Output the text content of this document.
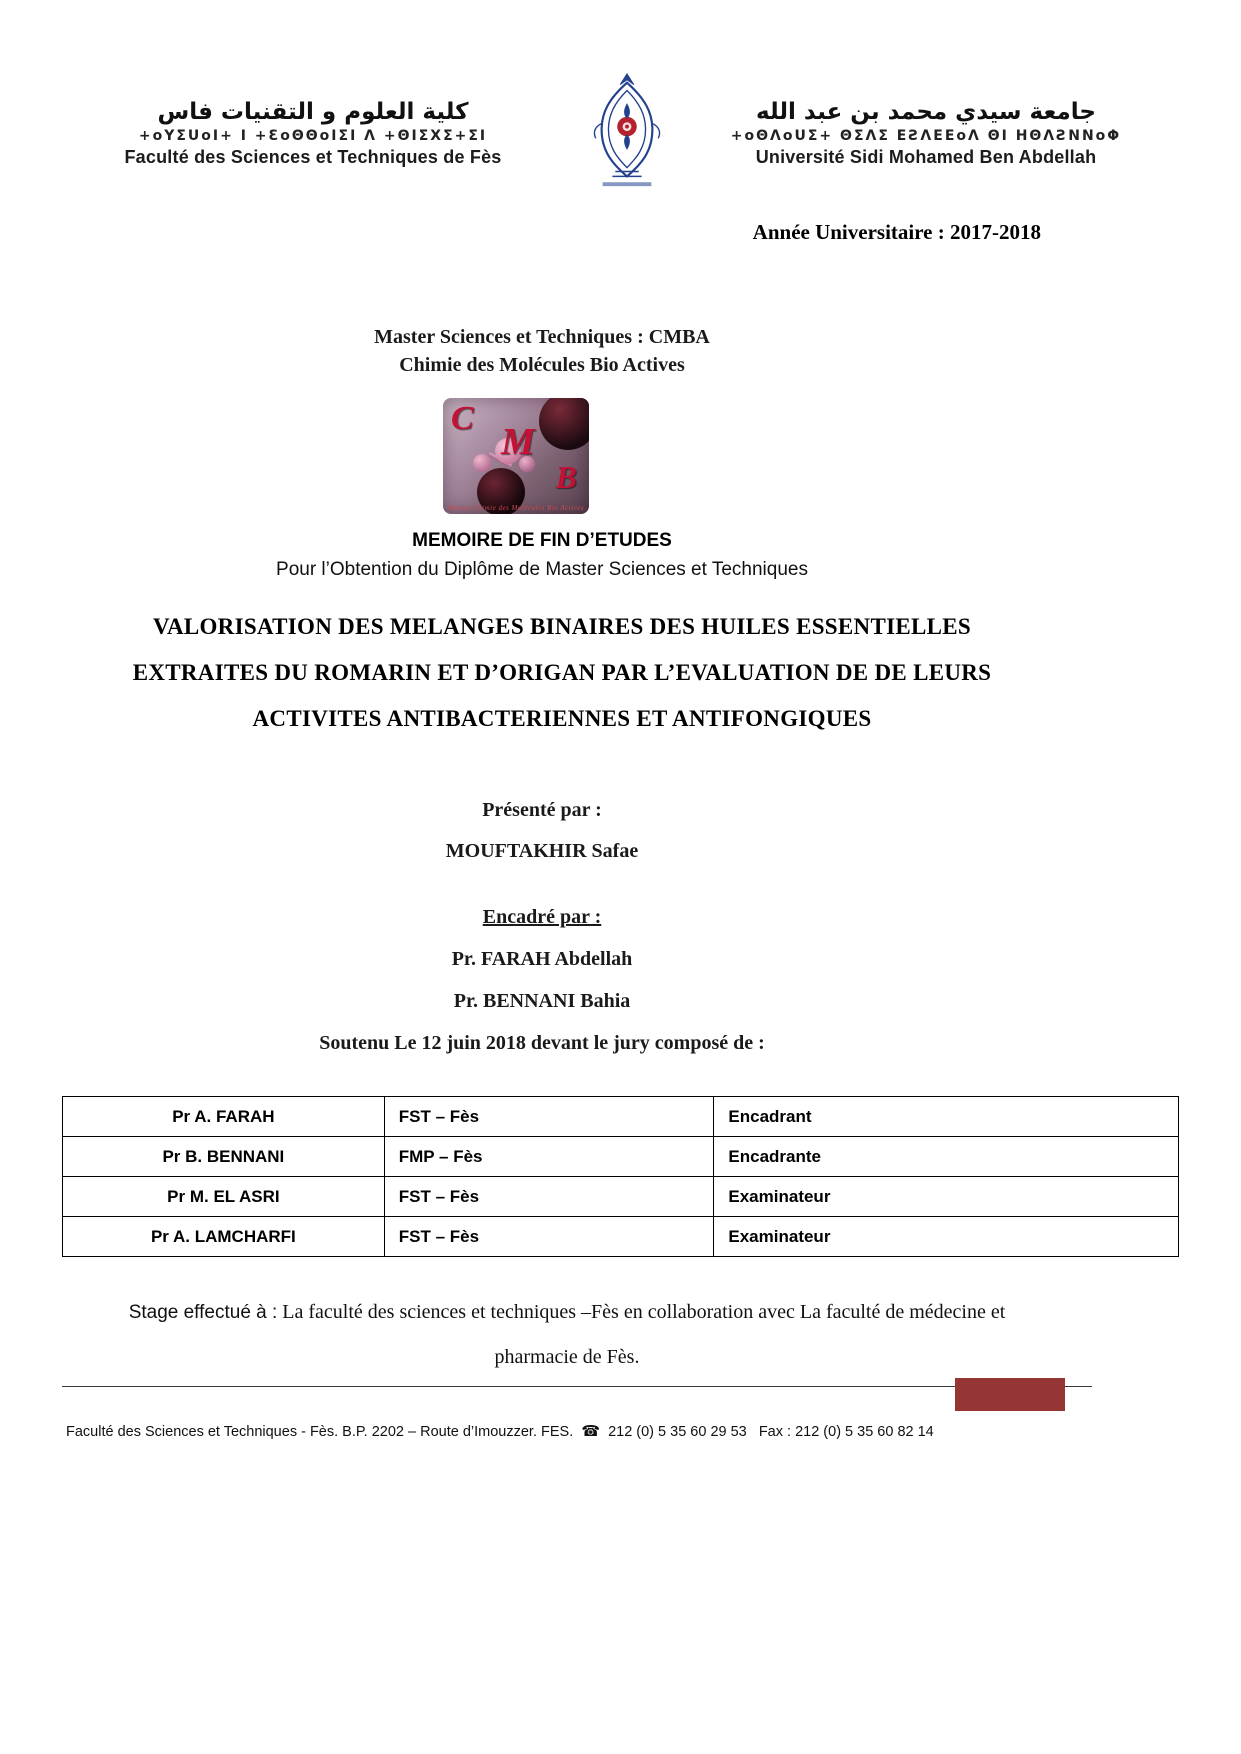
كلية العلوم و التقنيات فاس
+oYΣUoI+ I +ƐoΘΘoIΣI Λ +ΘIΣXΣ+ΣI
Faculté des Sciences et Techniques de Fès
جامعة سيدي محمد بن عبد الله
+oΘΛoUΣ+ ΘΣΛΣ ΕƧΛΕΕoΛ ΘΙ ΗΘΛƧΝΝoΦ
Université Sidi Mohamed Ben Abdellah
Année Universitaire : 2017-2018
Master Sciences et Techniques : CMBA
Chimie des Molécules Bio Actives
C
M
B
Master Chimie des Molécules Bio Actives
MEMOIRE DE FIN D’ETUDES
Pour l’Obtention du Diplôme de Master Sciences et Techniques
VALORISATION DES MELANGES BINAIRES DES HUILES ESSENTIELLES
EXTRAITES DU ROMARIN ET D’ORIGAN PAR L’EVALUATION DE DE LEURS
ACTIVITES ANTIBACTERIENNES ET ANTIFONGIQUES
Présenté par :
MOUFTAKHIR Safae
Encadré par :
Pr. FARAH Abdellah
Pr. BENNANI Bahia
Soutenu Le 12 juin 2018 devant le jury composé de :
Pr A. FARAH	FST – Fès	Encadrant
Pr B. BENNANI	FMP – Fès	Encadrante
Pr M. EL ASRI	FST – Fès	Examinateur
Pr A. LAMCHARFI	FST – Fès	Examinateur
Stage effectué à : La faculté des sciences et techniques –Fès en collaboration avec La faculté de médecine et
pharmacie de Fès.
Faculté des Sciences et Techniques - Fès. B.P. 2202 – Route d’Imouzzer. FES. ☎ 212 (0) 5 35 60 29 53 Fax : 212 (0) 5 35 60 82 14
